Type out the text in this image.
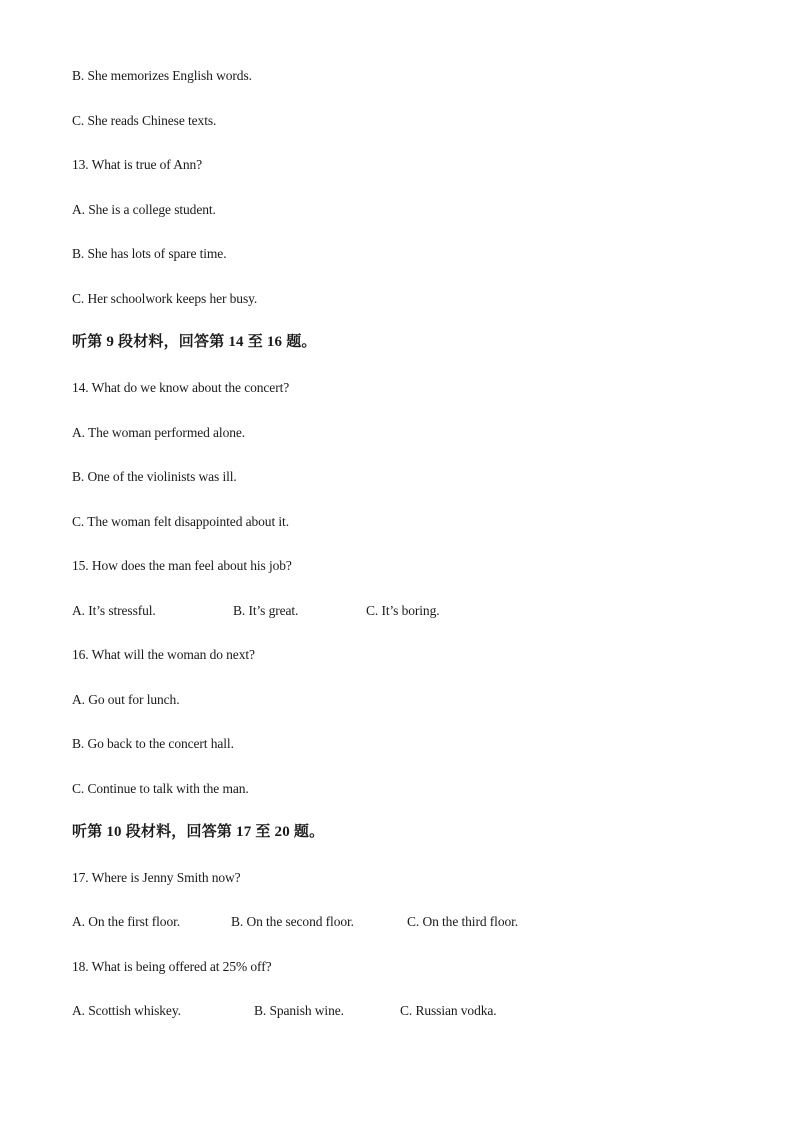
B. She memorizes English words.
C. She reads Chinese texts.
13. What is true of Ann?
A. She is a college student.
B. She has lots of spare time.
C. Her schoolwork keeps her busy.
听第 9 段材料，回答第 14 至 16 题。
14. What do we know about the concert?
A. The woman performed alone.
B. One of the violinists was ill.
C. The woman felt disappointed about it.
15. How does the man feel about his job?
A. It’s stressful.	B. It’s great.	C. It’s boring.
16. What will the woman do next?
A. Go out for lunch.
B. Go back to the concert hall.
C. Continue to talk with the man.
听第 10 段材料，回答第 17 至 20 题。
17. Where is Jenny Smith now?
A. On the first floor.	B. On the second floor.	C. On the third floor.
18. What is being offered at 25% off?
A. Scottish whiskey.	B. Spanish wine.	C. Russian vodka.
